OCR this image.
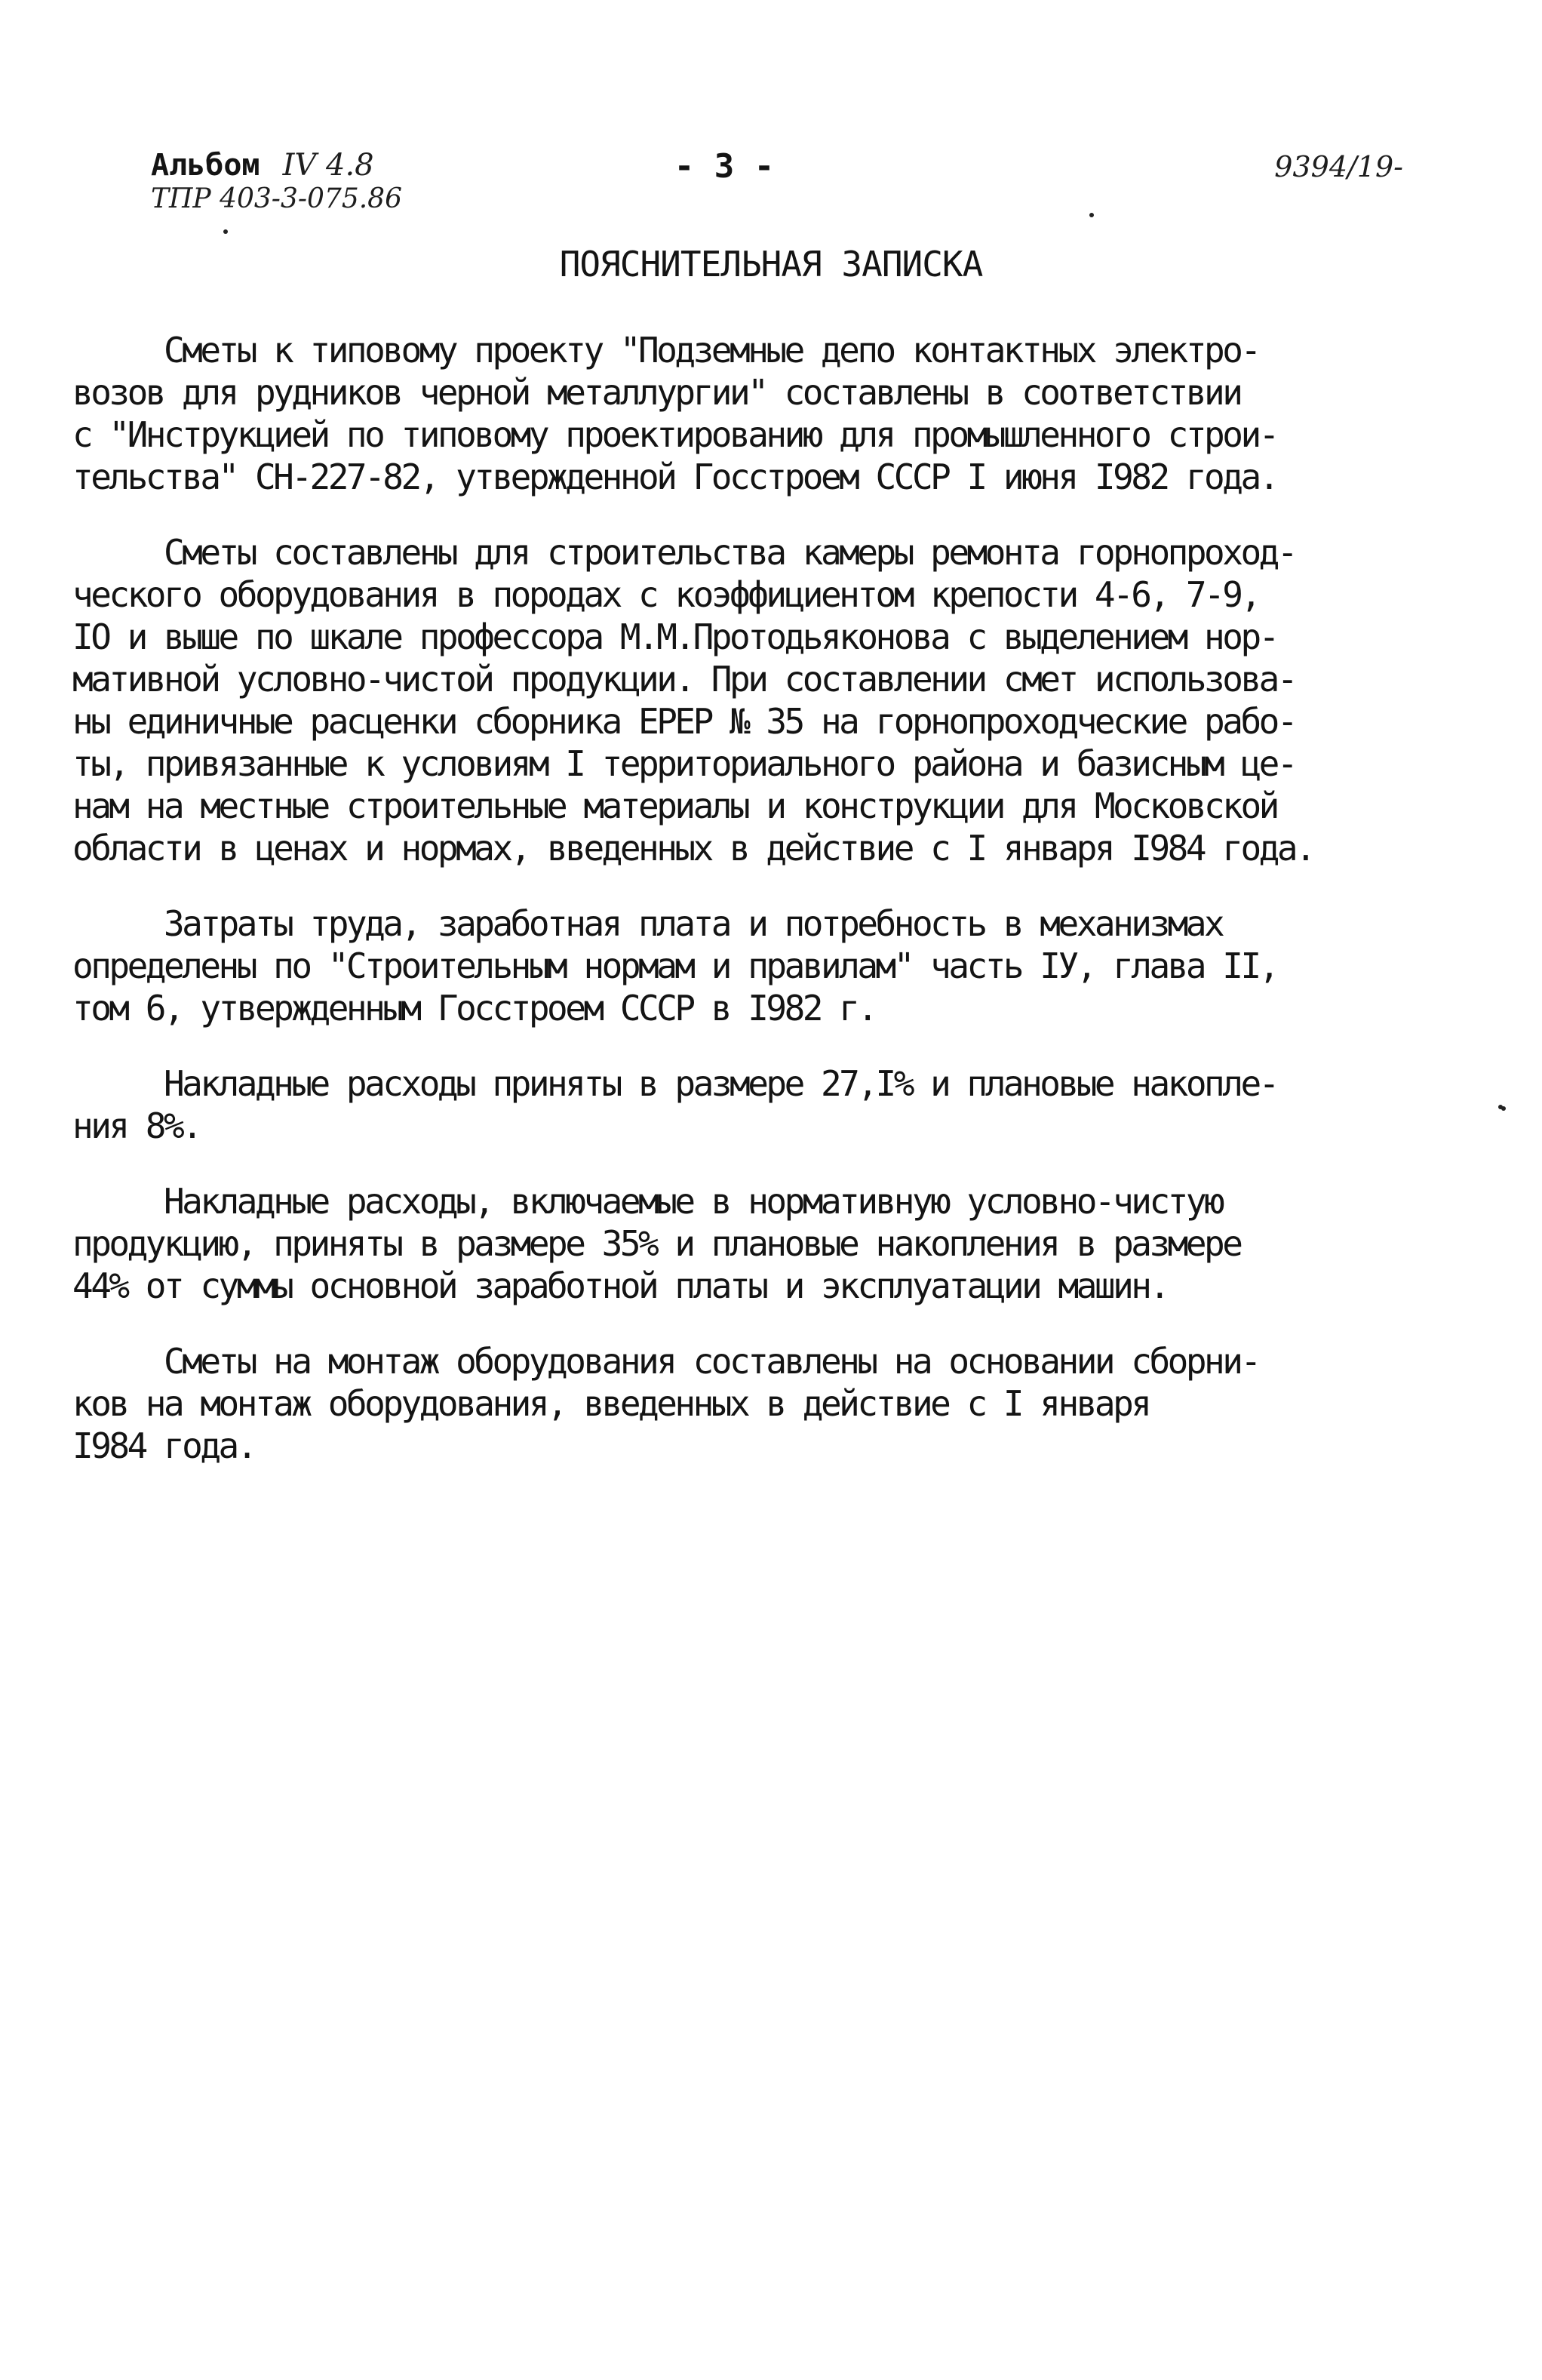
Альбом IV 4.8
ТПР 403-3-075.86
- 3 -	9394/19-
ПОЯСНИТЕЛЬНАЯ ЗАПИСКА
Сметы к типовому проекту "Подземные депо контактных электро-
возов для рудников черной металлургии" составлены в соответствии
с "Инструкцией по типовому проектированию для промышленного строи-
тельства" СН-227-82, утвержденной Госстроем СССР I июня I982 года.
Сметы составлены для строительства камеры ремонта горнопроход-
ческого оборудования в породах с коэффициентом крепости 4-6, 7-9,
IO и выше по шкале профессора М.М.Протодьяконова с выделением нор-
мативной условно-чистой продукции. При составлении смет использова-
ны единичные расценки сборника ЕРЕР № 35 на горнопроходческие рабо-
ты, привязанные к условиям I территориального района и базисным це-
нам на местные строительные материалы и конструкции для Московской
области в ценах и нормах, введенных в действие с I января I984 года.
Затраты труда, заработная плата и потребность в механизмах
определены по "Строительным нормам и правилам" часть IУ, глава II,
том 6, утвержденным Госстроем СССР в I982 г.
Накладные расходы приняты в размере 27,I% и плановые накопле-
ния 8%.
Накладные расходы, включаемые в нормативную условно-чистую
продукцию, приняты в размере 35% и плановые накопления в размере
44% от суммы основной заработной платы и эксплуатации машин.
Сметы на монтаж оборудования составлены на основании сборни-
ков на монтаж оборудования, введенных в действие с I января
I984 года.
